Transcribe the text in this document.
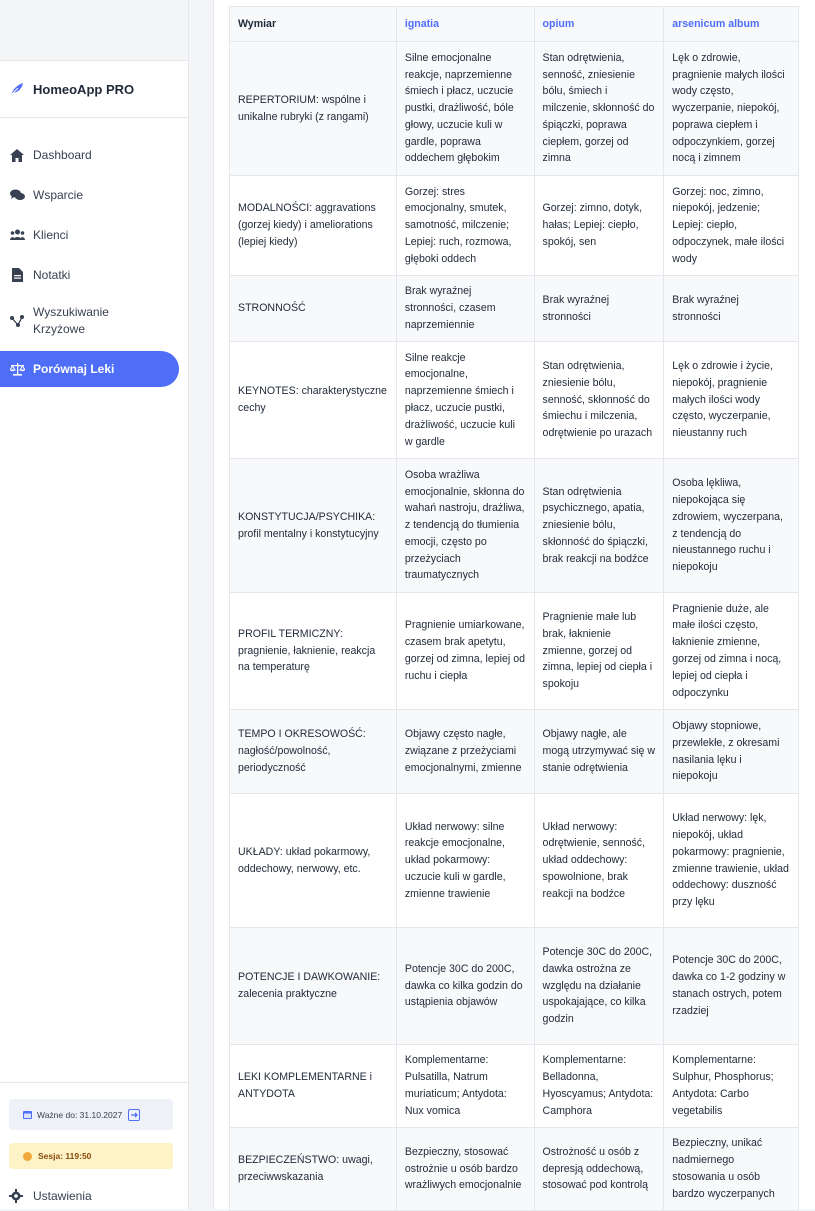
HomeoApp PRO
Dashboard
Wsparcie
Klienci
Notatki
Wyszukiwanie Krzyżowe
Porównaj Leki
Ważne do: 31.10.2027
Sesja: 119:50
Ustawienia
Wymiar	ignatia	opium	arsenicum album
REPERTORIUM: wspólne i unikalne rubryki (z rangami)	Silne emocjonalne reakcje, naprzemienne śmiech i płacz, uczucie pustki, drażliwość, bóle głowy, uczucie kuli w gardle, poprawa oddechem głębokim	Stan odrętwienia, senność, zniesienie bólu, śmiech i milczenie, skłonność do śpiączki, poprawa ciepłem, gorzej od zimna	Lęk o zdrowie, pragnienie małych ilości wody często, wyczerpanie, niepokój, poprawa ciepłem i odpoczynkiem, gorzej nocą i zimnem
MODALNOŚCI: aggravations (gorzej kiedy) i ameliorations (lepiej kiedy)	Gorzej: stres emocjonalny, smutek, samotność, milczenie; Lepiej: ruch, rozmowa, głęboki oddech	Gorzej: zimno, dotyk, hałas; Lepiej: ciepło, spokój, sen	Gorzej: noc, zimno, niepokój, jedzenie; Lepiej: ciepło, odpoczynek, małe ilości wody
STRONNOŚĆ	Brak wyraźnej stronności, czasem naprzemiennie	Brak wyraźnej stronności	Brak wyraźnej stronności
KEYNOTES: charakterystyczne cechy	Silne reakcje emocjonalne, naprzemienne śmiech i płacz, uczucie pustki, drażliwość, uczucie kuli w gardle	Stan odrętwienia, zniesienie bólu, senność, skłonność do śmiechu i milczenia, odrętwienie po urazach	Lęk o zdrowie i życie, niepokój, pragnienie małych ilości wody często, wyczerpanie, nieustanny ruch
KONSTYTUCJA/PSYCHIKA: profil mentalny i konstytucyjny	Osoba wrażliwa emocjonalnie, skłonna do wahań nastroju, drażliwa, z tendencją do tłumienia emocji, często po przeżyciach traumatycznych	Stan odrętwienia psychicznego, apatia, zniesienie bólu, skłonność do śpiączki, brak reakcji na bodźce	Osoba lękliwa, niepokojąca się zdrowiem, wyczerpana, z tendencją do nieustannego ruchu i niepokoju
PROFIL TERMICZNY: pragnienie, łaknienie, reakcja na temperaturę	Pragnienie umiarkowane, czasem brak apetytu, gorzej od zimna, lepiej od ruchu i ciepła	Pragnienie małe lub brak, łaknienie zmienne, gorzej od zimna, lepiej od ciepła i spokoju	Pragnienie duże, ale małe ilości często, łaknienie zmienne, gorzej od zimna i nocą, lepiej od ciepła i odpoczynku
TEMPO I OKRESOWOŚĆ: nagłość/powolność, periodyczność	Objawy często nagłe, związane z przeżyciami emocjonalnymi, zmienne	Objawy nagłe, ale mogą utrzymywać się w stanie odrętwienia	Objawy stopniowe, przewlekłe, z okresami nasilania lęku i niepokoju
UKŁADY: układ pokarmowy, oddechowy, nerwowy, etc.	Układ nerwowy: silne reakcje emocjonalne, układ pokarmowy: uczucie kuli w gardle, zmienne trawienie	Układ nerwowy: odrętwienie, senność, układ oddechowy: spowolnione, brak reakcji na bodźce	Układ nerwowy: lęk, niepokój, układ pokarmowy: pragnienie, zmienne trawienie, układ oddechowy: duszność przy lęku
POTENCJE I DAWKOWANIE: zalecenia praktyczne	Potencje 30C do 200C, dawka co kilka godzin do ustąpienia objawów	Potencje 30C do 200C, dawka ostrożna ze względu na działanie uspokajające, co kilka godzin	Potencje 30C do 200C, dawka co 1-2 godziny w stanach ostrych, potem rzadziej
LEKI KOMPLEMENTARNE i ANTYDOTA	Komplementarne: Pulsatilla, Natrum muriaticum; Antydota: Nux vomica	Komplementarne: Belladonna, Hyoscyamus; Antydota: Camphora	Komplementarne: Sulphur, Phosphorus; Antydota: Carbo vegetabilis
BEZPIECZEŃSTWO: uwagi, przeciwwskazania	Bezpieczny, stosować ostrożnie u osób bardzo wrażliwych emocjonalnie	Ostrożność u osób z depresją oddechową, stosować pod kontrolą	Bezpieczny, unikać nadmiernego stosowania u osób bardzo wyczerpanych
